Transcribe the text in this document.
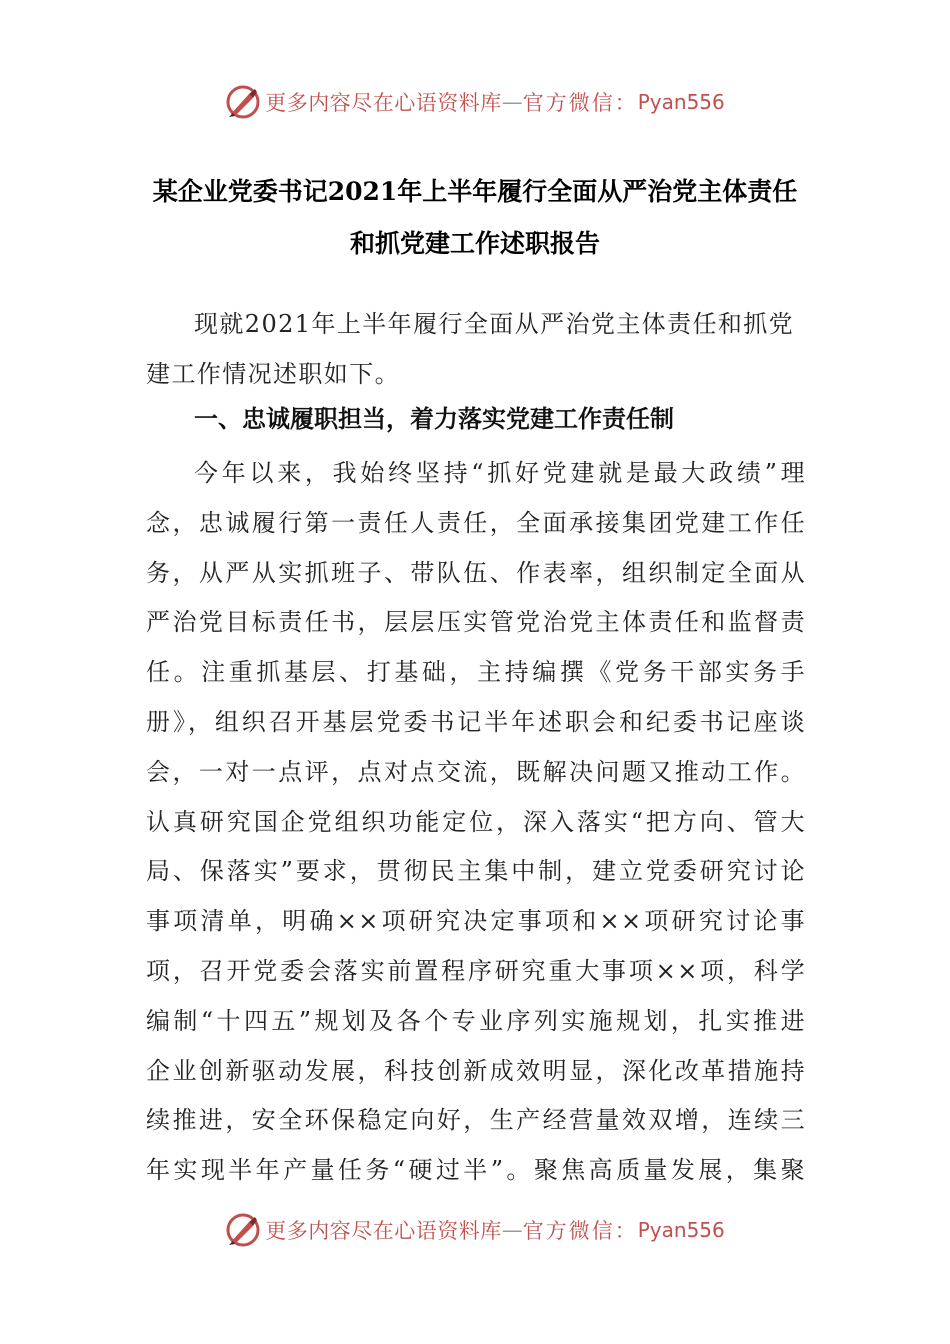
更多内容尽在心语资料库 — 官方微信： Pyan556
某企业党委书记2021年上半年履行全面从严治党主体责任
和抓党建工作述职报告
现就2021年上半年履行全面从严治党主体责任和抓党
建工作情况述职如下。
一、忠诚履职担当，着力落实党建工作责任制
今年以来，我始终坚持“抓好党建就是最大政绩”理
念，忠诚履行第一责任人责任，全面承接集团党建工作任
务，从严从实抓班子、带队伍、作表率，组织制定全面从
严治党目标责任书，层层压实管党治党主体责任和监督责
任。注重抓基层、打基础，主持编撰《党务干部实务手
册》，组织召开基层党委书记半年述职会和纪委书记座谈
会，一对一点评，点对点交流，既解决问题又推动工作。
认真研究国企党组织功能定位，深入落实“把方向、管大
局、保落实”要求，贯彻民主集中制，建立党委研究讨论
事项清单，明确××项研究决定事项和××项研究讨论事
项，召开党委会落实前置程序研究重大事项××项，科学
编制“十四五”规划及各个专业序列实施规划，扎实推进
企业创新驱动发展，科技创新成效明显，深化改革措施持
续推进，安全环保稳定向好，生产经营量效双增，连续三
年实现半年产量任务“硬过半”。聚焦高质量发展，集聚
更多内容尽在心语资料库 — 官方微信： Pyan556
